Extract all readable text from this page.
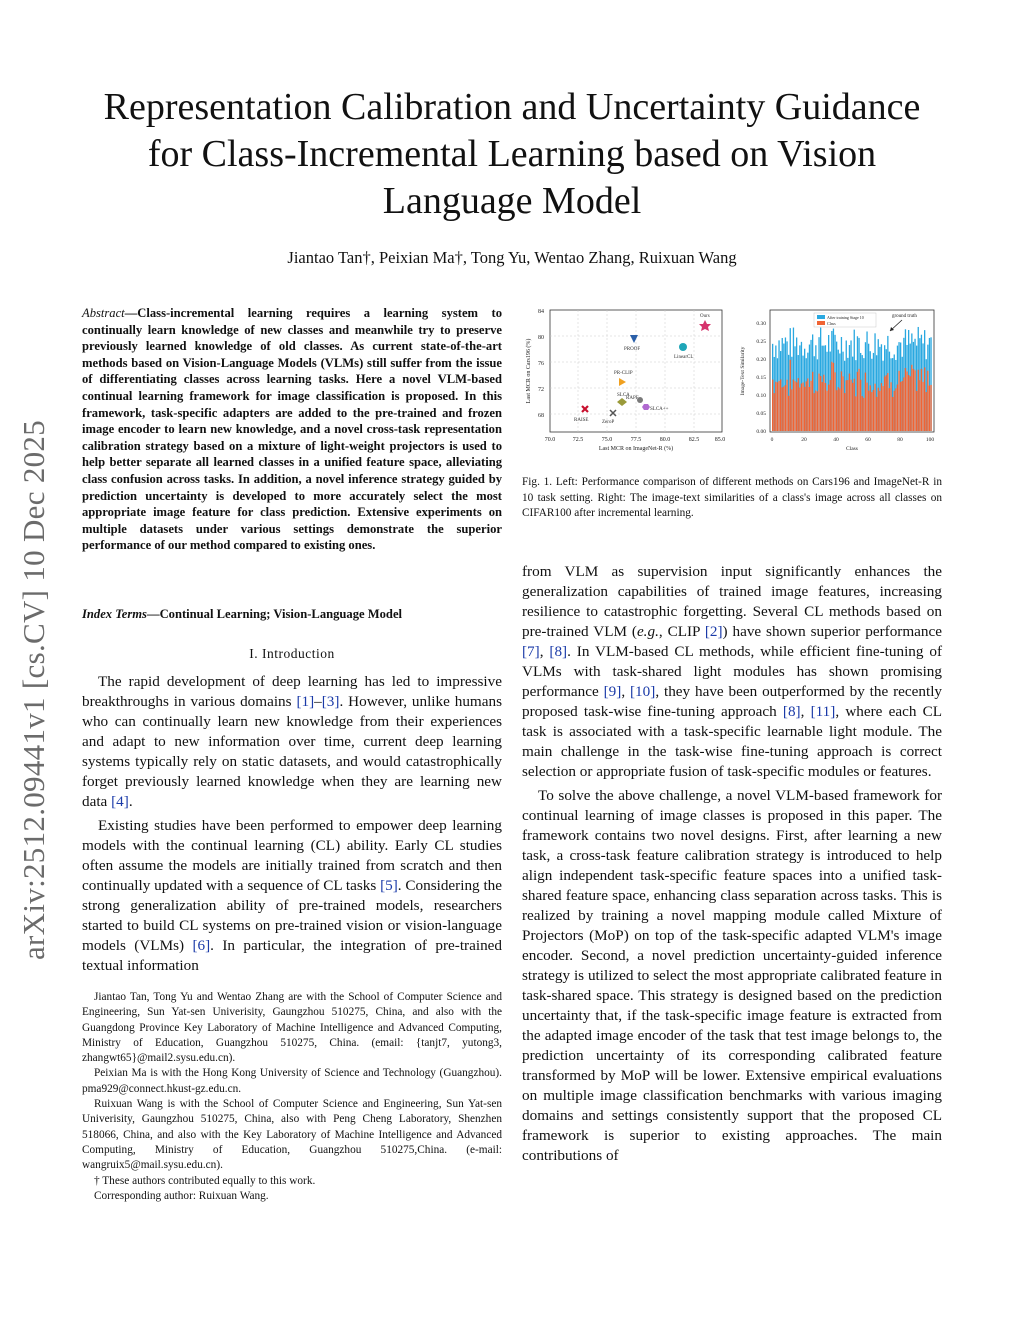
arXiv:2512.09441v1 [cs.CV] 10 Dec 2025
Representation Calibration and Uncertainty Guidance for Class-Incremental Learning based on Vision Language Model
Jiantao Tan†, Peixian Ma†, Tong Yu, Wentao Zhang, Ruixuan Wang
Abstract—Class-incremental learning requires a learning system to continually learn knowledge of new classes and meanwhile try to preserve previously learned knowledge of old classes. As current state-of-the-art methods based on Vision-Language Models (VLMs) still suffer from the issue of differentiating classes across learning tasks. Here a novel VLM-based continual learning framework for image classification is proposed. In this framework, task-specific adapters are added to the pre-trained and frozen image encoder to learn new knowledge, and a novel cross-task representation calibration strategy based on a mixture of light-weight projectors is used to help better separate all learned classes in a unified feature space, alleviating class confusion across tasks. In addition, a novel inference strategy guided by prediction uncertainty is developed to more accurately select the most appropriate image feature for class prediction. Extensive experiments on multiple datasets under various settings demonstrate the superior performance of our method compared to existing ones.
Index Terms—Continual Learning; Vision-Language Model
I. Introduction

The rapid development of deep learning has led to impressive breakthroughs in various domains [1]–[3]. However, unlike humans who can continually learn new knowledge from their experiences and adapt to new information over time, current deep learning systems typically rely on static datasets, and would catastrophically forget previously learned knowledge when they are learning new data [4].

Existing studies have been performed to empower deep learning models with the continual learning (CL) ability. Early CL studies often assume the models are initially trained from scratch and then continually updated with a sequence of CL tasks [5]. Considering the strong generalization ability of pre-trained models, researchers started to build CL systems on pre-trained vision or vision-language models (VLMs) [6]. In particular, the integration of pre-trained textual information

Jiantao Tan, Tong Yu and Wentao Zhang are with the School of Computer Science and Engineering, Sun Yat-sen Univerisity, Gaungzhou 510275, China, and also with the Guangdong Province Key Laboratory of Machine Intelligence and Advanced Computing, Ministry of Education, Guangzhou 510275, China. (email: {tanjt7, yutong3, zhangwt65}@mail2.sysu.edu.cn).

Peixian Ma is with the Hong Kong University of Science and Technology (Guangzhou). pma929@connect.hkust-gz.edu.cn.

Ruixuan Wang is with the School of Computer Science and Engineering, Sun Yat-sen Univerisity, Gaungzhou 510275, China, also with Peng Cheng Laboratory, Shenzhen 518066, China, and also with the Key Laboratory of Machine Intelligence and Advanced Computing, Ministry of Education, Guangzhou 510275,China. (e-mail: wangruix5@mail.sysu.edu.cn).

† These authors contributed equally to this work.

Corresponding author: Ruixuan Wang.

84
80
76
72
68
70.0	72.5	75.0	77.5	80.0	82.5	85.0
Last MCR on ImageNet-R (%)
Last MCR on Cars196 (%)
Ours
PROOF
LinearCL
PR-CLIP
SLCA
SLCA++
RAISE	ZeroP
RAPF
After training Stage 10
Class
ground truth
0.00
0.05
0.10
0.15
0.20
0.25
0.30
0	20	40	60	80	100
Class
Image-Text Similarity
Fig. 1. Left: Performance comparison of different methods on Cars196 and ImageNet-R in 10 task setting. Right: The image-text similarities of a class's image across all classes on CIFAR100 after incremental learning.

from VLM as supervision input significantly enhances the generalization capabilities of trained image features, increasing resilience to catastrophic forgetting. Several CL methods based on pre-trained VLM (e.g., CLIP [2]) have shown superior performance [7], [8]. In VLM-based CL methods, while efficient fine-tuning of VLMs with task-shared light modules has shown promising performance [9], [10], they have been outperformed by the recently proposed task-wise fine-tuning approach [8], [11], where each CL task is associated with a task-specific learnable light module. The main challenge in the task-wise fine-tuning approach is correct selection or appropriate fusion of task-specific modules or features.

To solve the above challenge, a novel VLM-based framework for continual learning of image classes is proposed in this paper. The framework contains two novel designs. First, after learning a new task, a cross-task feature calibration strategy is introduced to help align independent task-specific feature spaces into a unified task-shared feature space, enhancing class separation across tasks. This is realized by training a novel mapping module called Mixture of Projectors (MoP) on top of the task-specific adapted VLM's image encoder. Second, a novel prediction uncertainty-guided inference strategy is utilized to select the most appropriate calibrated feature in task-shared space. This strategy is designed based on the prediction uncertainty that, if the task-specific image feature is extracted from the adapted image encoder of the task that test image belongs to, the prediction uncertainty of its corresponding calibrated feature transformed by MoP will be lower. Extensive empirical evaluations on multiple image classification benchmarks with various imaging domains and settings consistently support that the proposed CL framework is superior to existing approaches. The main contributions of
